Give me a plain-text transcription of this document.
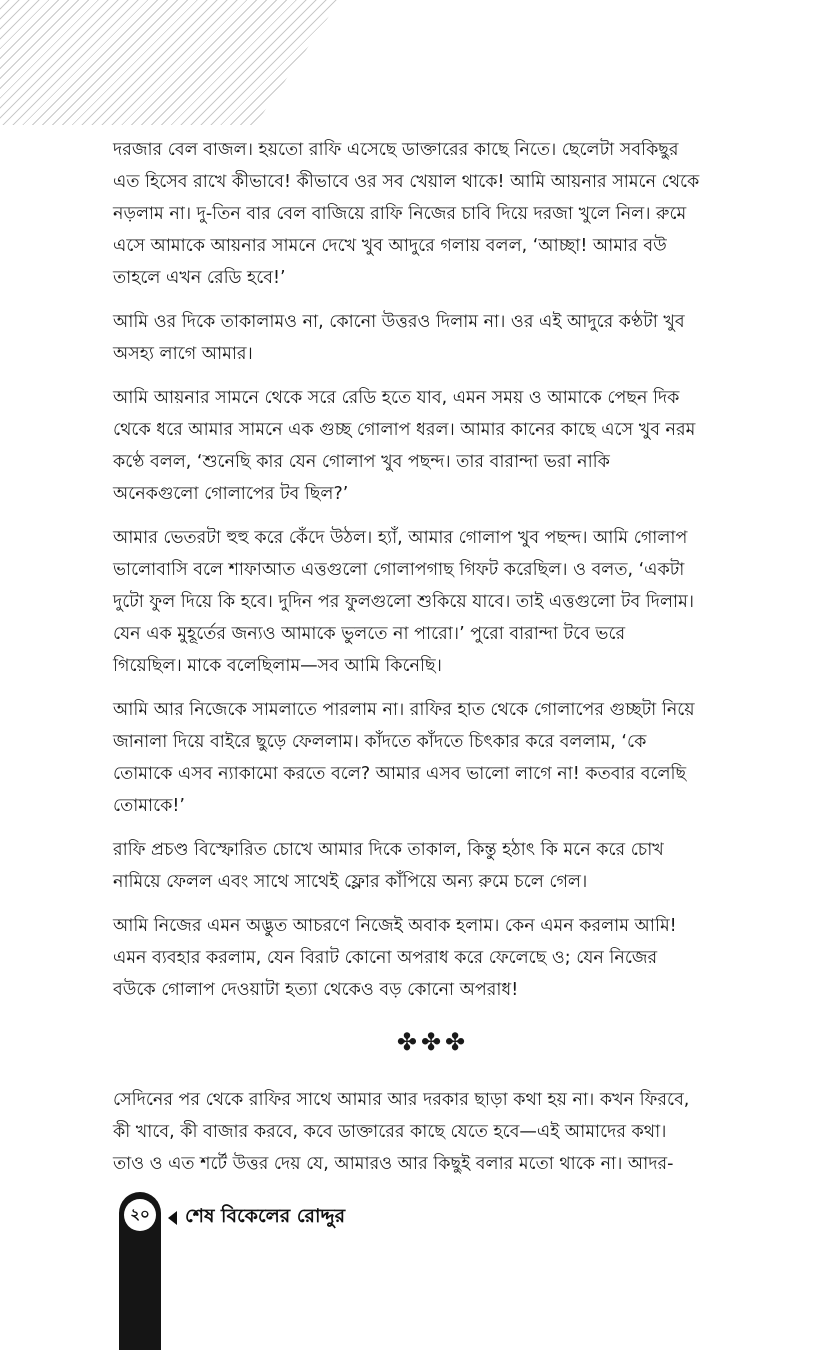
দরজার বেল বাজল। হয়তো রাফি এসেছে ডাক্তারের কাছে নিতে। ছেলেটা সবকিছুর
এত হিসেব রাখে কীভাবে! কীভাবে ওর সব খেয়াল থাকে! আমি আয়নার সামনে থেকে
নড়লাম না। দু-তিন বার বেল বাজিয়ে রাফি নিজের চাবি দিয়ে দরজা খুলে নিল। রুমে
এসে আমাকে আয়নার সামনে দেখে খুব আদুরে গলায় বলল, ‘আচ্ছা! আমার বউ
তাহলে এখন রেডি হবে!’

আমি ওর দিকে তাকালামও না, কোনো উত্তরও দিলাম না। ওর এই আদুরে কণ্ঠটা খুব
অসহ্য লাগে আমার।

আমি আয়নার সামনে থেকে সরে রেডি হতে যাব, এমন সময় ও আমাকে পেছন দিক
থেকে ধরে আমার সামনে এক গুচ্ছ গোলাপ ধরল। আমার কানের কাছে এসে খুব নরম
কণ্ঠে বলল, ‘শুনেছি কার যেন গোলাপ খুব পছন্দ। তার বারান্দা ভরা নাকি
অনেকগুলো গোলাপের টব ছিল?’

আমার ভেতরটা হুহু করে কেঁদে উঠল। হ্যাঁ, আমার গোলাপ খুব পছন্দ। আমি গোলাপ
ভালোবাসি বলে শাফাআত এত্তগুলো গোলাপগাছ গিফট করেছিল। ও বলত, ‘একটা
দুটো ফুল দিয়ে কি হবে। দুদিন পর ফুলগুলো শুকিয়ে যাবে। তাই এত্তগুলো টব দিলাম।
যেন এক মুহূর্তের জন্যও আমাকে ভুলতে না পারো।’ পুরো বারান্দা টবে ভরে
গিয়েছিল। মাকে বলেছিলাম—সব আমি কিনেছি।

আমি আর নিজেকে সামলাতে পারলাম না। রাফির হাত থেকে গোলাপের গুচ্ছটা নিয়ে
জানালা দিয়ে বাইরে ছুড়ে ফেললাম। কাঁদতে কাঁদতে চিৎকার করে বললাম, ‘কে
তোমাকে এসব ন্যাকামো করতে বলে? আমার এসব ভালো লাগে না! কতবার বলেছি
তোমাকে!’

রাফি প্রচণ্ড বিস্ফোরিত চোখে আমার দিকে তাকাল, কিন্তু হঠাৎ কি মনে করে চোখ
নামিয়ে ফেলল এবং সাথে সাথেই ফ্লোর কাঁপিয়ে অন্য রুমে চলে গেল।

আমি নিজের এমন অদ্ভুত আচরণে নিজেই অবাক হলাম। কেন এমন করলাম আমি!
এমন ব্যবহার করলাম, যেন বিরাট কোনো অপরাধ করে ফেলেছে ও; যেন নিজের
বউকে গোলাপ দেওয়াটা হত্যা থেকেও বড় কোনো অপরাধ!

✤✤✤

সেদিনের পর থেকে রাফির সাথে আমার আর দরকার ছাড়া কথা হয় না। কখন ফিরবে,
কী খাবে, কী বাজার করবে, কবে ডাক্তারের কাছে যেতে হবে—এই আমাদের কথা।
তাও ও এত শর্টে উত্তর দেয় যে, আমারও আর কিছুই বলার মতো থাকে না। আদর-

২০	শেষ বিকেলের রোদ্দুর
